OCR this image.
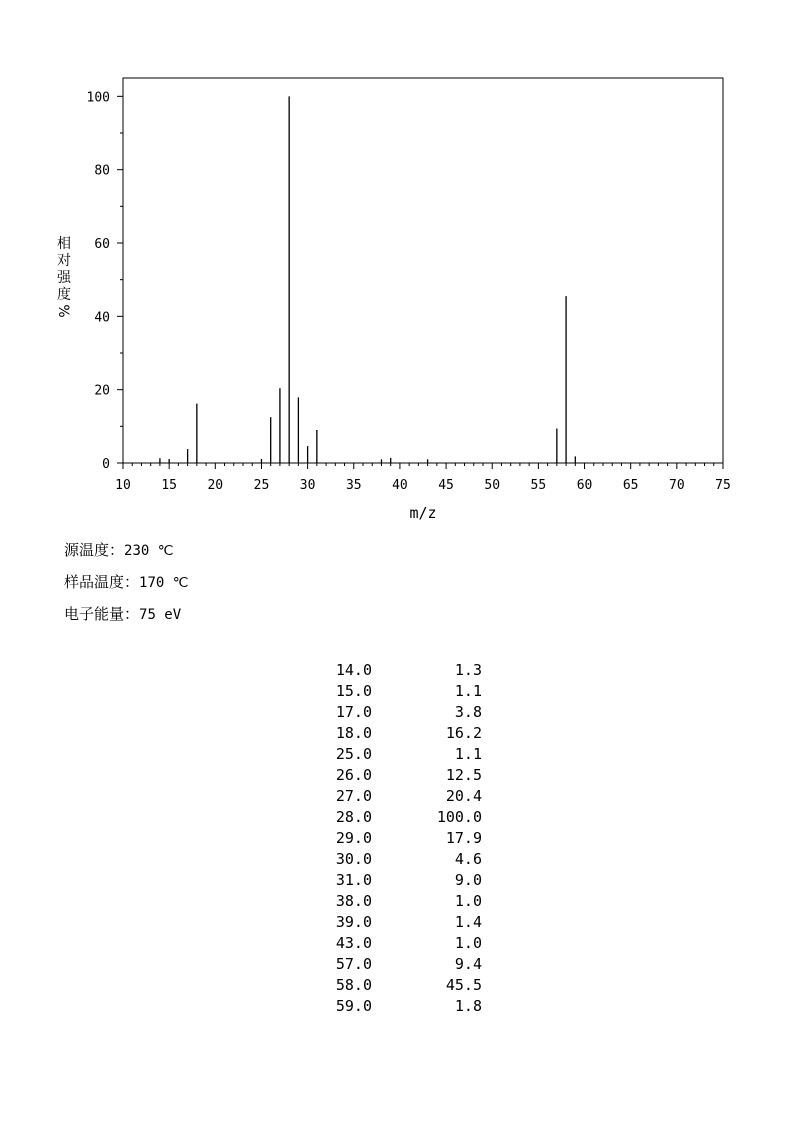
10 15 20 25 30 35 40 45 50 55 60 65 70 75
0
20
40
60
80
100
m/z
相
对
强
度
%
源温度：230 ℃
样品温度：170 ℃
电子能量：75 eV
14.0	1.3
15.0	1.1
17.0	3.8
18.0	16.2
25.0	1.1
26.0	12.5
27.0	20.4
28.0	100.0
29.0	17.9
30.0	4.6
31.0	9.0
38.0	1.0
39.0	1.4
43.0	1.0
57.0	9.4
58.0	45.5
59.0	1.8
